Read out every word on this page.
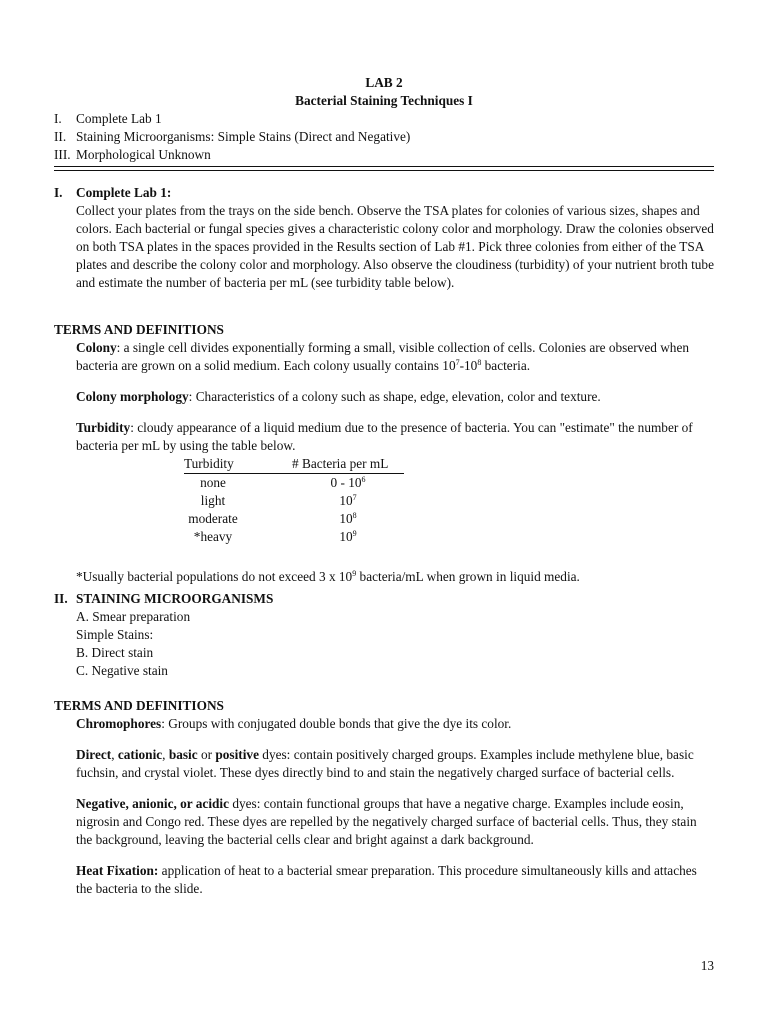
LAB 2
Bacterial Staining Techniques I
I. Complete Lab 1
II. Staining Microorganisms: Simple Stains (Direct and Negative)
III. Morphological Unknown
I. Complete Lab 1:

Collect your plates from the trays on the side bench. Observe the TSA plates for colonies of various sizes, shapes and colors. Each bacterial or fungal species gives a characteristic colony color and morphology. Draw the colonies observed on both TSA plates in the spaces provided in the Results section of Lab #1. Pick three colonies from either of the TSA plates and describe the colony color and morphology. Also observe the cloudiness (turbidity) of your nutrient broth tube and estimate the number of bacteria per mL (see turbidity table below).

TERMS AND DEFINITIONS

Colony: a single cell divides exponentially forming a small, visible collection of cells. Colonies are observed when bacteria are grown on a solid medium. Each colony usually contains $10^7-10^8$ bacteria.

Colony morphology: Characteristics of a colony such as shape, edge, elevation, color and texture.

Turbidity: cloudy appearance of a liquid medium due to the presence of bacteria. You can "estimate" the number of bacteria per mL by using the table below.

Turbidity	# Bacteria per mL
none	$0 - 10^6$
light	$10^7$
moderate	$10^8$
*heavy	$10^9$

*Usually bacterial populations do not exceed 3 x $10^9$ bacteria/mL when grown in liquid media.

II. STAINING MICROORGANISMS
A. Smear preparation
Simple Stains:
B. Direct stain
C. Negative stain
TERMS AND DEFINITIONS

Chromophores: Groups with conjugated double bonds that give the dye its color.

Direct, cationic, basic or positive dyes: contain positively charged groups. Examples include methylene blue, basic fuchsin, and crystal violet. These dyes directly bind to and stain the negatively charged surface of bacterial cells.

Negative, anionic, or acidic dyes: contain functional groups that have a negative charge. Examples include eosin, nigrosin and Congo red. These dyes are repelled by the negatively charged surface of bacterial cells. Thus, they stain the background, leaving the bacterial cells clear and bright against a dark background.

Heat Fixation: application of heat to a bacterial smear preparation. This procedure simultaneously kills and attaches the bacteria to the slide.

13
